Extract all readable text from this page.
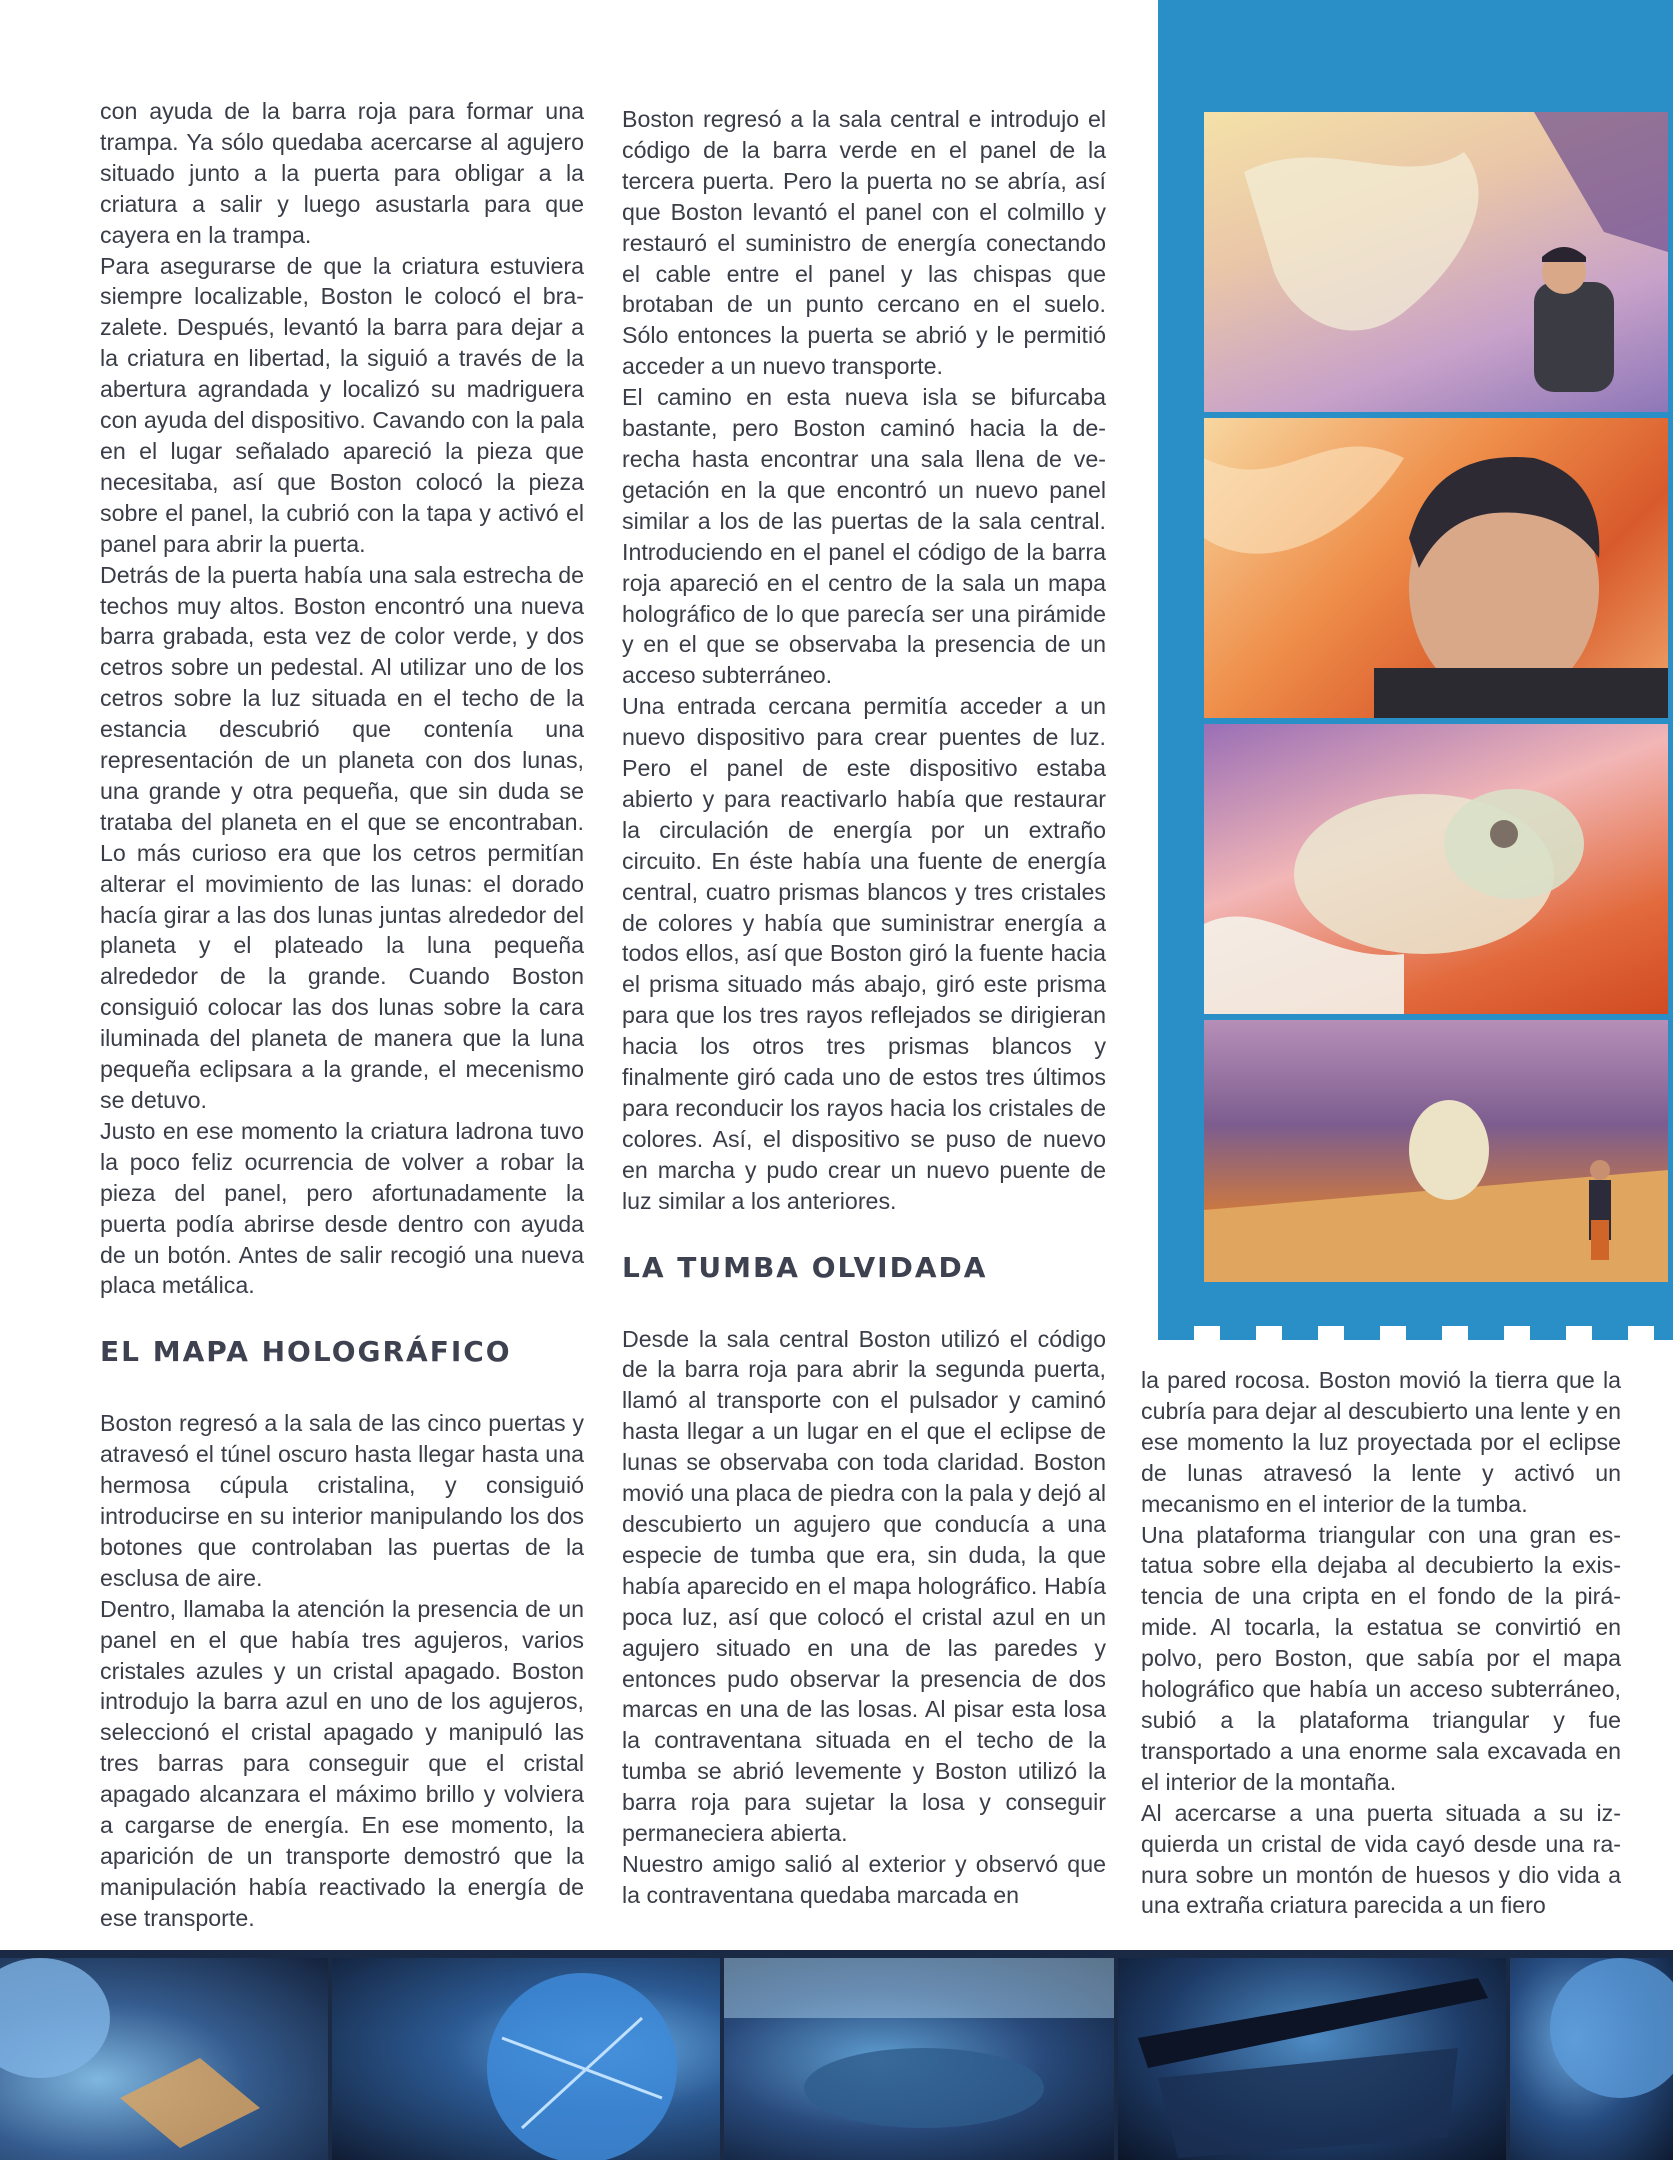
con ayuda de la barra roja para formar una trampa. Ya sólo quedaba acercarse al agujero situado junto a la puerta para obligar a la criatura a salir y luego asustarla para que cayera en la trampa.

Para asegurarse de que la criatura estuviera siempre localizable, Boston le colocó el brazalete. Después, levantó la barra para dejar a la criatura en libertad, la siguió a través de la abertura agrandada y localizó su madriguera con ayuda del dispositivo. Cavando con la pala en el lugar señalado apareció la pieza que necesitaba, así que Boston colocó la pieza sobre el panel, la cubrió con la tapa y activó el panel para abrir la puerta.

Detrás de la puerta había una sala estrecha de techos muy altos. Boston encontró una nueva barra grabada, esta vez de color verde, y dos cetros sobre un pedestal. Al utilizar uno de los cetros sobre la luz situada en el techo de la estancia descubrió que contenía una representación de un planeta con dos lunas, una grande y otra pequeña, que sin duda se trataba del planeta en el que se encontraban. Lo más curioso era que los cetros permitían alterar el movimiento de las lunas: el dorado hacía girar a las dos lunas juntas alrededor del planeta y el plateado la luna pequeña alrededor de la grande. Cuando Boston consiguió colocar las dos lunas sobre la cara iluminada del planeta de manera que la luna pequeña eclipsara a la grande, el mecenismo se detuvo.

Justo en ese momento la criatura ladrona tuvo la poco feliz ocurrencia de volver a robar la pieza del panel, pero afortunadamente la puerta podía abrirse desde dentro con ayuda de un botón. Antes de salir recogió una nueva placa metálica.

EL MAPA HOLOGRÁFICO

Boston regresó a la sala de las cinco puertas y atravesó el túnel oscuro hasta llegar hasta una hermosa cúpula cristalina, y consiguió introducirse en su interior manipulando los dos botones que controlaban las puertas de la esclusa de aire.

Dentro, llamaba la atención la presencia de un panel en el que había tres agujeros, varios cristales azules y un cristal apagado. Boston introdujo la barra azul en uno de los agujeros, seleccionó el cristal apagado y manipuló las tres barras para conseguir que el cristal apagado alcanzara el máximo brillo y volviera a cargarse de energía. En ese momento, la aparición de un transporte demostró que la manipulación había reactivado la energía de ese transporte.

Boston regresó a la sala central e introdujo el código de la barra verde en el panel de la tercera puerta. Pero la puerta no se abría, así que Boston levantó el panel con el colmillo y restauró el suministro de energía conectando el cable entre el panel y las chispas que brotaban de un punto cercano en el suelo. Sólo entonces la puerta se abrió y le permitió acceder a un nuevo transporte.

El camino en esta nueva isla se bifurcaba bastante, pero Boston caminó hacia la derecha hasta encontrar una sala llena de vegetación en la que encontró un nuevo panel similar a los de las puertas de la sala central. Introduciendo en el panel el código de la barra roja apareció en el centro de la sala un mapa holográfico de lo que parecía ser una pirámide y en el que se observaba la presencia de un acceso subterráneo.

Una entrada cercana permitía acceder a un nuevo dispositivo para crear puentes de luz. Pero el panel de este dispositivo estaba abierto y para reactivarlo había que restaurar la circulación de energía por un extraño circuito. En éste había una fuente de energía central, cuatro prismas blancos y tres cristales de colores y había que suministrar energía a todos ellos, así que Boston giró la fuente hacia el prisma situado más abajo, giró este prisma para que los tres rayos reflejados se dirigieran hacia los otros tres prismas blancos y finalmente giró cada uno de estos tres últimos para reconducir los rayos hacia los cristales de colores. Así, el dispositivo se puso de nuevo en marcha y pudo crear un nuevo puente de luz similar a los anteriores.

LA TUMBA OLVIDADA

Desde la sala central Boston utilizó el código de la barra roja para abrir la segunda puerta, llamó al transporte con el pulsador y caminó hasta llegar a un lugar en el que el eclipse de lunas se observaba con toda claridad. Boston movió una placa de piedra con la pala y dejó al descubierto un agujero que conducía a una especie de tumba que era, sin duda, la que había aparecido en el mapa holográfico. Había poca luz, así que colocó el cristal azul en un agujero situado en una de las paredes y entonces pudo observar la presencia de dos marcas en una de las losas. Al pisar esta losa la contraventana situada en el techo de la tumba se abrió levemente y Boston utilizó la barra roja para sujetar la losa y conseguir permaneciera abierta.

Nuestro amigo salió al exterior y observó que la contraventana quedaba marcada en

la pared rocosa. Boston movió la tierra que la cubría para dejar al descubierto una lente y en ese momento la luz proyectada por el eclipse de lunas atravesó la lente y activó un mecanismo en el interior de la tumba.

Una plataforma triangular con una gran estatua sobre ella dejaba al decubierto la existencia de una cripta en el fondo de la pirámide. Al tocarla, la estatua se convirtió en polvo, pero Boston, que sabía por el mapa holográfico que había un acceso subterráneo, subió a la plataforma triangular y fue transportado a una enorme sala excavada en el interior de la montaña.

Al acercarse a una puerta situada a su izquierda un cristal de vida cayó desde una ranura sobre un montón de huesos y dio vida a una extraña criatura parecida a un fiero
